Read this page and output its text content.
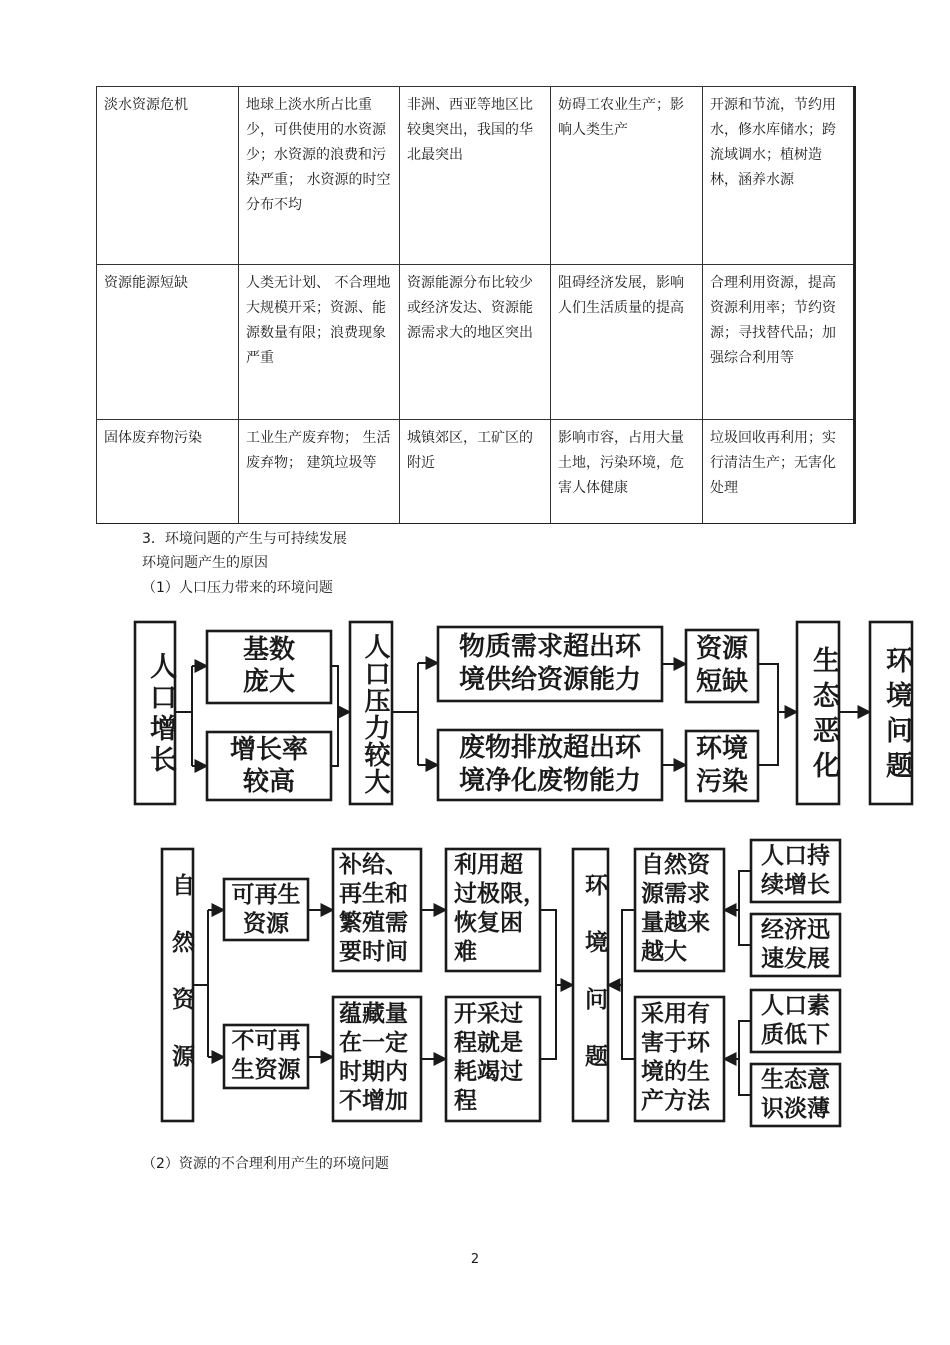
淡水资源危机	地球上淡水所占比重少，可供使用的水资源少；水资源的浪费和污染严重； 水资源的时空分布不均	非洲、西亚等地区比较奥突出，我国的华北最突出	妨碍工农业生产；影响人类生产	开源和节流，节约用水，修水库储水；跨流域调水；植树造林，涵养水源
资源能源短缺	人类无计划、 不合理地大规模开采；资源、能源数量有限；浪费现象严重	资源能源分布比较少或经济发达、资源能源需求大的地区突出	阻碍经济发展，影响人们生活质量的提高	合理利用资源，提高资源利用率；节约资源；寻找替代品；加强综合利用等
固体废弃物污染	工业生产废弃物； 生活废弃物； 建筑垃圾等	城镇郊区，工矿区的附近	影响市容，占用大量土地，污染环境，危害人体健康	垃圾回收再利用；实行清洁生产；无害化处理
3．环境问题的产生与可持续发展
环境问题产生的原因
（1）人口压力带来的环境问题
（2）资源的不合理利用产生的环境问题
2
人口增长
基数庞大
增长率较高	人口压力较大	物质需求超出环
境供给资源能力
废物排放超出环
境净化废物能力
资源
短缺
环境
污染	生态恶化 环境问题
自然资源	可再生
资源
不可再
生资源
补给、
再生和
繁殖需
要时间
蕴藏量
在一定
时期内
不增加
利用超
过极限，
恢复困
难
开采过
程就是
耗竭过
程	环境问题
自然资
源需求
量越来
越大
采用有
害于环
境的生
产方法
人口持
续增长
经济迅
速发展
人口素
质低下
生态意
识淡薄
